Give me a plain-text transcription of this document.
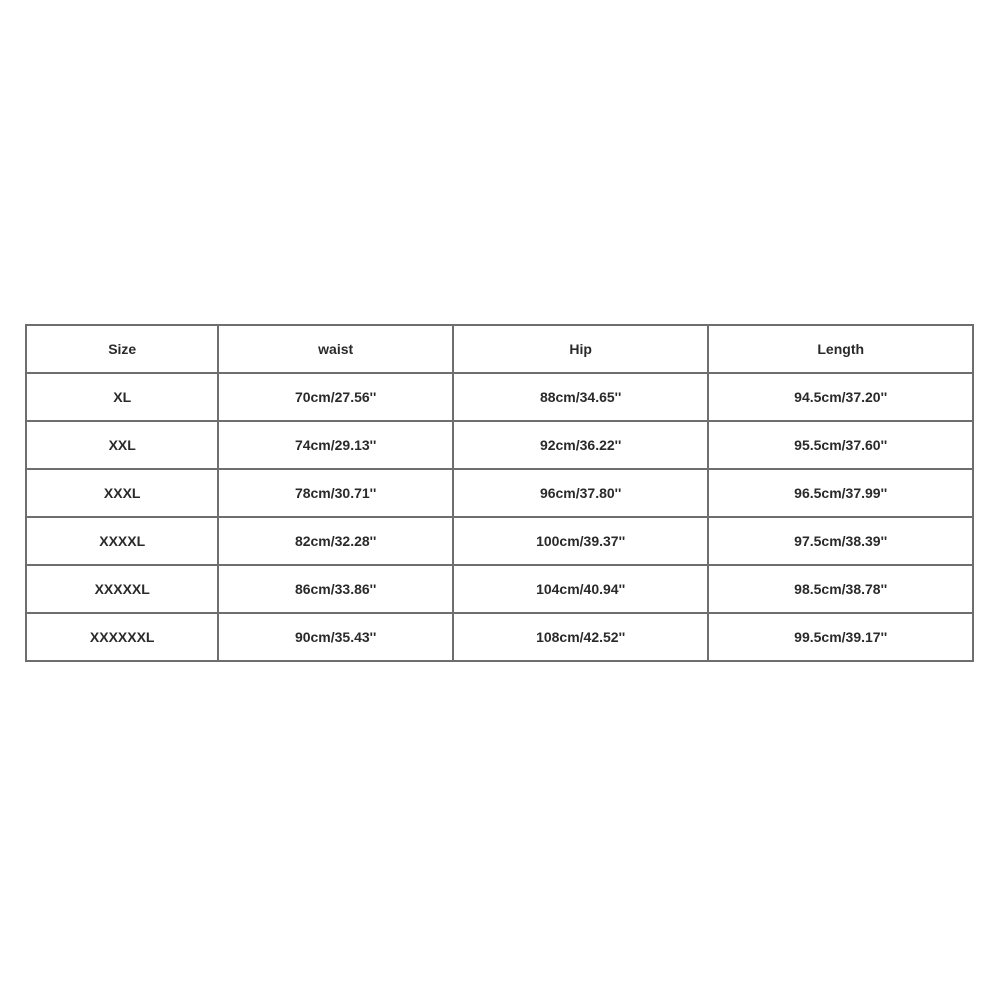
Size	waist	Hip	Length
XL	70cm/27.56''	88cm/34.65''	94.5cm/37.20''
XXL	74cm/29.13''	92cm/36.22''	95.5cm/37.60''
XXXL	78cm/30.71''	96cm/37.80''	96.5cm/37.99''
XXXXL	82cm/32.28''	100cm/39.37''	97.5cm/38.39''
XXXXXL	86cm/33.86''	104cm/40.94''	98.5cm/38.78''
XXXXXXL	90cm/35.43''	108cm/42.52''	99.5cm/39.17''
